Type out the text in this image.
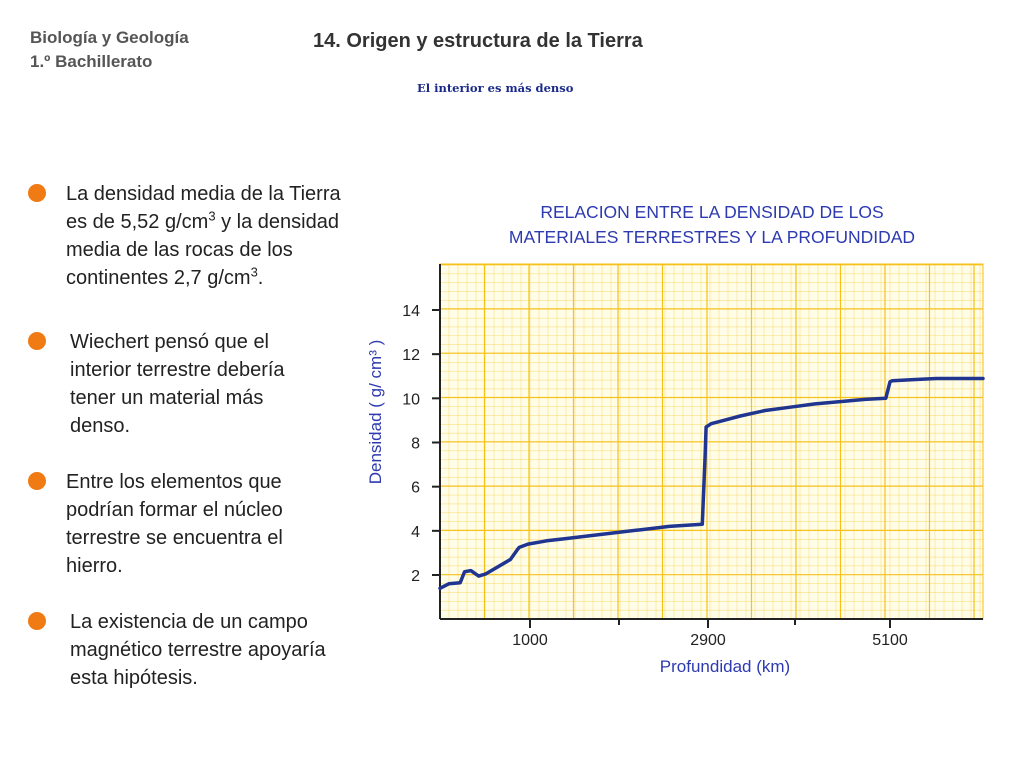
Biología y Geología
1.º Bachillerato
14. Origen y estructura de la Tierra
El interior es más denso
La densidad media de la Tierra
es de 5,52 $g/cm^3$ y la densidad
media de las rocas de los
continentes 2,7 $g/cm^3$.
Wiechert pensó que el
interior terrestre debería
tener un material más
denso.
Entre los elementos que
podrían formar el núcleo
terrestre se encuentra el
hierro.
La existencia de un campo
magnético terrestre apoyaría
esta hipótesis.
RELACION ENTRE LA DENSIDAD DE LOS
MATERIALES TERRESTRES Y LA PROFUNDIDAD
2
4
6
8
10
12
14
1000	2900	5100
Densidad ( g/ cm³ )
Profundidad (km)
